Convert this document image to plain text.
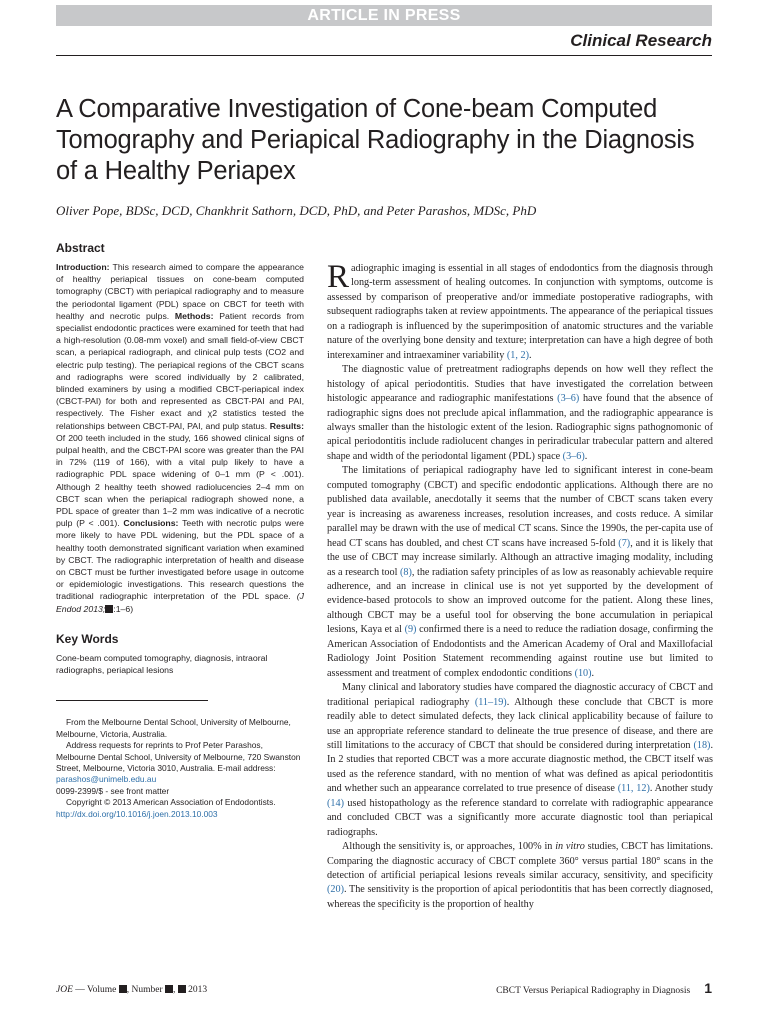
ARTICLE IN PRESS
Clinical Research
A Comparative Investigation of Cone-beam Computed Tomography and Periapical Radiography in the Diagnosis of a Healthy Periapex

Oliver Pope, BDSc, DCD, Chankhrit Sathorn, DCD, PhD, and Peter Parashos, MDSc, PhD

Abstract

Introduction: This research aimed to compare the appearance of healthy periapical tissues on cone-beam computed tomography (CBCT) with periapical radiography and to measure the periodontal ligament (PDL) space on CBCT for teeth with healthy and necrotic pulps. Methods: Patient records from specialist endodontic practices were examined for teeth that had a high-resolution (0.08-mm voxel) and small field-of-view CBCT scan, a periapical radiograph, and clinical pulp tests (CO2 and electric pulp testing). The periapical regions of the CBCT scans and radiographs were scored individually by 2 calibrated, blinded examiners by using a modified CBCT-periapical index (CBCT-PAI) for both and represented as CBCT-PAI and PAI, respectively. The Fisher exact and χ2 statistics tested the relationships between CBCT-PAI, PAI, and pulp status. Results: Of 200 teeth included in the study, 166 showed clinical signs of pulpal health, and the CBCT-PAI score was greater than the PAI in 72% (119 of 166), with a vital pulp likely to have a radiographic PDL space widening of 0–1 mm (P < .001). Although 2 healthy teeth showed radiolucencies 2–4 mm on CBCT scan when the periapical radiograph showed none, a PDL space of greater than 1–2 mm was indicative of a necrotic pulp (P < .001). Conclusions: Teeth with necrotic pulps were more likely to have PDL widening, but the PDL space of a healthy tooth demonstrated significant variation when examined by CBCT. The radiographic interpretation of health and disease on CBCT must be further investigated before usage in outcome or epidemiologic investigations. This research questions the traditional radiographic interpretation of the PDL space. (J Endod 2013; :1–6)

Key Words

Cone-beam computed tomography, diagnosis, intraoral radiographs, periapical lesions

From the Melbourne Dental School, University of Melbourne, Melbourne, Victoria, Australia.

Address requests for reprints to Prof Peter Parashos, Melbourne Dental School, University of Melbourne, 720 Swanston Street, Melbourne, Victoria 3010, Australia. E-mail address: parashos@unimelb.edu.au

0099-2399/$ - see front matter

Copyright © 2013 American Association of Endodontists.

http://dx.doi.org/10.1016/j.joen.2013.10.003

Radiographic imaging is essential in all stages of endodontics from the diagnosis through long-term assessment of healing outcomes. In conjunction with symptoms, outcome is assessed by comparison of preoperative and/or immediate postoperative radiographs, with subsequent radiographs taken at review appointments. The appearance of the periapical tissues on a radiograph is influenced by the superimposition of anatomic structures and the variable nature of the overlying bone density and texture; interpretation can have a high degree of both interexaminer and intraexaminer variability (1, 2).

The diagnostic value of pretreatment radiographs depends on how well they reflect the histology of apical periodontitis. Studies that have investigated the correlation between histologic appearance and radiographic manifestations (3–6) have found that the absence of radiographic signs does not preclude apical inflammation, and the radiographic appearance is always smaller than the histologic extent of the lesion. Radiographic signs pathognomonic of apical periodontitis include radiolucent changes in periradicular trabecular pattern and altered shape and width of the periodontal ligament (PDL) space (3–6).

The limitations of periapical radiography have led to significant interest in cone-beam computed tomography (CBCT) and specific endodontic applications. Although there are no published data available, anecdotally it seems that the number of CBCT scans taken every year is increasing as awareness increases, resolution increases, and costs reduce. A similar parallel may be drawn with the use of medical CT scans. Since the 1990s, the per-capita use of head CT scans has doubled, and chest CT scans have increased 5-fold (7), and it is likely that the use of CBCT may increase similarly. Although an attractive imaging modality, including as a research tool (8), the radiation safety principles of as low as reasonably achievable require adherence, and an increase in clinical use is not yet supported by the development of evidence-based protocols to show an improved outcome for the patient. Along these lines, although CBCT may be a useful tool for observing the bone accumulation in periapical lesions, Kaya et al (9) confirmed there is a need to reduce the radiation dosage, confirming the American Association of Endodontists and the American Academy of Oral and Maxillofacial Radiology Joint Position Statement recommending against routine use but limited to assessment and treatment of complex endodontic conditions (10).

Many clinical and laboratory studies have compared the diagnostic accuracy of CBCT and traditional periapical radiography (11–19). Although these conclude that CBCT is more readily able to detect simulated defects, they lack clinical applicability because of failure to use an appropriate reference standard to delineate the true presence of disease, and there are still limitations to the accuracy of CBCT that should be considered during interpretation (18). In 2 studies that reported CBCT was a more accurate diagnostic method, the CBCT itself was used as the reference standard, with no mention of what was defined as apical periodontitis and whether such an appearance correlated to true presence of disease (11, 12). Another study (14) used histopathology as the reference standard to correlate with radiographic appearance and concluded CBCT was a significantly more accurate diagnostic tool than periapical radiographs.

Although the sensitivity is, or approaches, 100% in in vitro studies, CBCT has limitations. Comparing the diagnostic accuracy of CBCT complete 360° versus partial 180° scans in the detection of artificial periapical lesions reveals similar accuracy, sensitivity, and specificity (20). The sensitivity is the proportion of apical periodontitis that has been correctly diagnosed, whereas the specificity is the proportion of healthy

JOE — Volume , Number ,  2013	CBCT Versus Periapical Radiography in Diagnosis 1
